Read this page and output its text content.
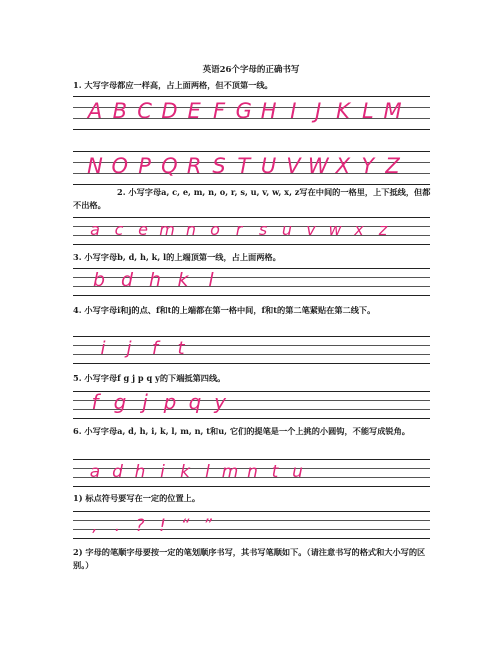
英语26个字母的正确书写
1. 大写字母都应一样高，占上面两格，但不顶第一线。
A B C D E F G H I J K L M
N O P Q R S T U V W X Y Z
2. 小写字母a, c, e, m, n, o, r, s, u, v, w, x, z写在中间的一格里，上下抵线，但都不出格。
a c e m n o r s u v w x z
3. 小写字母b, d, h, k, l的上端顶第一线，占上面两格。
b d h k l
4. 小写字母i和j的点、f和t的上端都在第一格中间，f和t的第二笔紧贴在第二线下。
i j f t
5. 小写字母f g j p q y的下端抵第四线。
f g j p q y
6. 小写字母a, d, h, i, k, l, m, n, t和u, 它们的提笔是一个上挑的小圆钩，不能写成锐角。
a d h i k l m n t u
1) 标点符号要写在一定的位置上。
, . ? ! “ ”
2) 字母的笔顺字母要按一定的笔划顺序书写，其书写笔顺如下。（请注意书写的格式和大小写的区别。）
